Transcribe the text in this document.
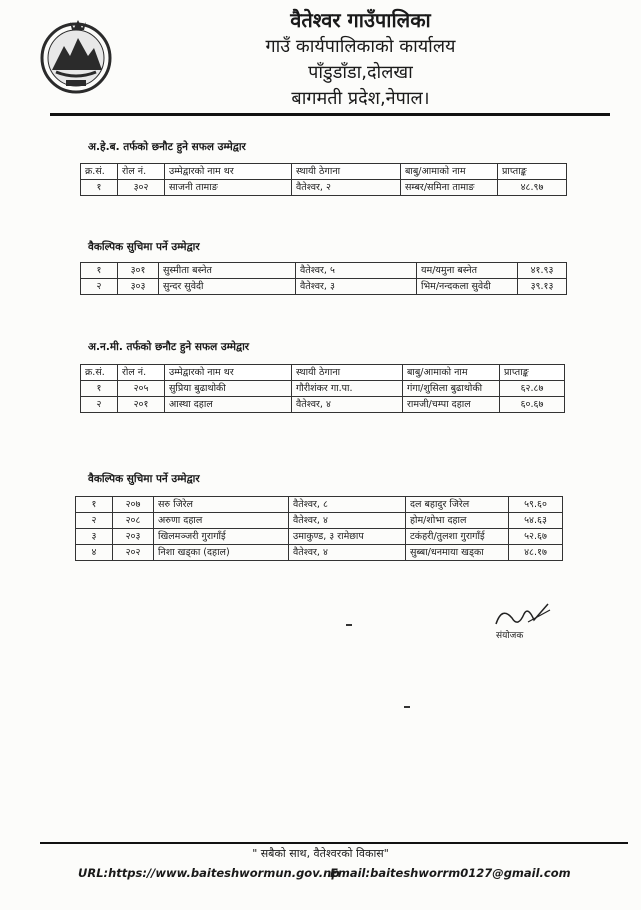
वैतेश्वर गाउँपालिका
गाउँ कार्यपालिकाको कार्यालय
पाँडुडाँडा,दोलखा
बागमती प्रदेश,नेपाल।
अ.हे.ब. तर्फको छनौट हुने सफल उम्मेद्वार
क्र.सं.	रोल नं.	उम्मेद्वारको नाम थर	स्थायी ठेगाना	बाबु/आमाको नाम	प्राप्ताङ्क
१	३०२	साजनी तामाङ	वैतेश्वर, २	सम्बर/समिना तामाङ	४८.९७
वैकल्पिक सुचिमा पर्ने उम्मेद्वार
१	३०१	सुस्मीता बस्नेत	वैतेश्वर, ५	यम/यमुना बस्नेत	४१.९३
२	३०३	सुन्दर सुवेदी	वैतेश्वर, ३	भिम/नन्दकला सुवेदी	३९.१३
अ.न.मी. तर्फको छनौट हुने सफल उम्मेद्वार
क्र.सं.	रोल नं.	उम्मेद्वारको नाम थर	स्थायी ठेगाना	बाबु/आमाको नाम	प्राप्ताङ्क
१	२०५	सुप्रिया बुढाथोकी	गौरीशंकर गा.पा.	गंगा/शुसिला बुढाथोकी	६२.८७
२	२०१	आस्था दहाल	वैतेश्वर, ४	रामजी/चम्पा दहाल	६०.६७
वैकल्पिक सुचिमा पर्ने उम्मेद्वार
१	२०७	सरु जिरेल	वैतेश्वर, ८	दल बहादुर जिरेल	५९.६०
२	२०८	अरुणा दहाल	वैतेश्वर, ४	होम/शोभा दहाल	५४.६३
३	२०३	खिलमञ्जरी गुरागाँई	उमाकुण्ड, ३ रामेछाप	टकंहरी/तुलशा गुरागाँई	५२.६७
४	२०२	निशा खड्का (दहाल)	वैतेश्वर, ४	सुब्बा/धनमाया खड्का	४८.१७
संयोजक
" सबैको साथ, वैतेश्वरको विकास"
URL:https://www.baiteshwormun.gov.np
Email:baiteshworrm0127@gmail.com
